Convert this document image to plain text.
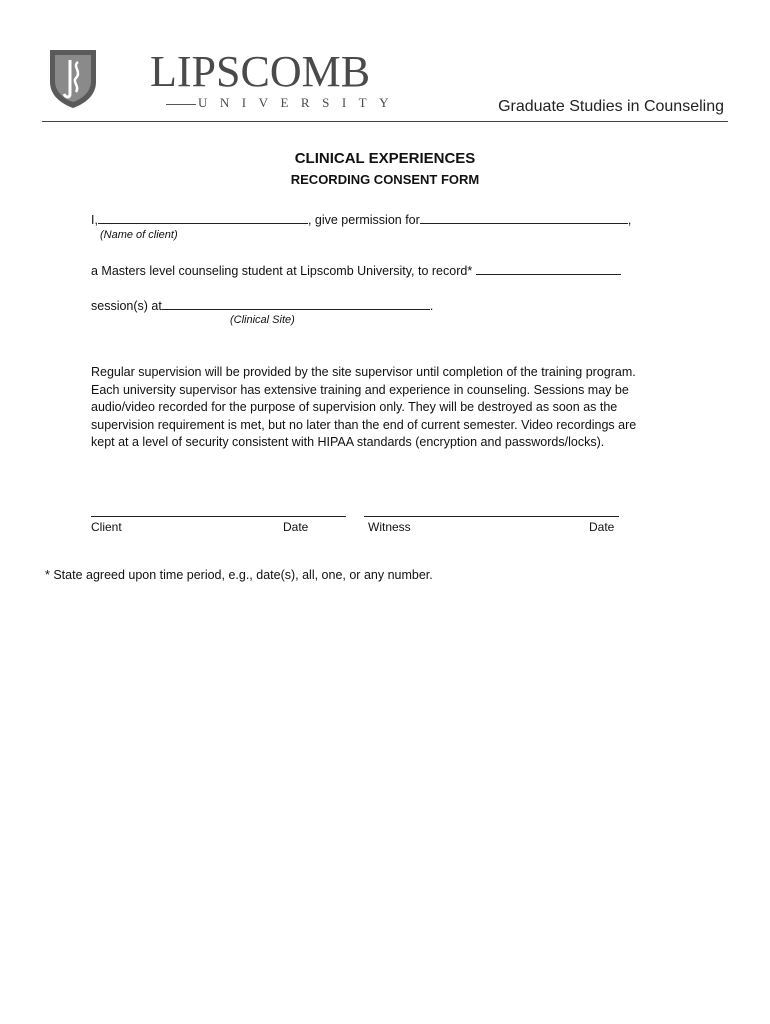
LIPSCOMB
UNIVERSITY	Graduate Studies in Counseling
CLINICAL EXPERIENCES
RECORDING CONSENT FORM
I,	, give permission for	,
(Name of client)
a Masters level counseling student at Lipscomb University, to record*
session(s) at	.
(Clinical Site)
Regular supervision will be provided by the site supervisor until completion of the training program. Each university supervisor has extensive training and experience in counseling. Sessions may be audio/video recorded for the purpose of supervision only. They will be destroyed as soon as the supervision requirement is met, but no later than the end of current semester. Video recordings are kept at a level of security consistent with HIPAA standards (encryption and passwords/locks).
Client	Date	Witness	Date
* State agreed upon time period, e.g., date(s), all, one, or any number.
